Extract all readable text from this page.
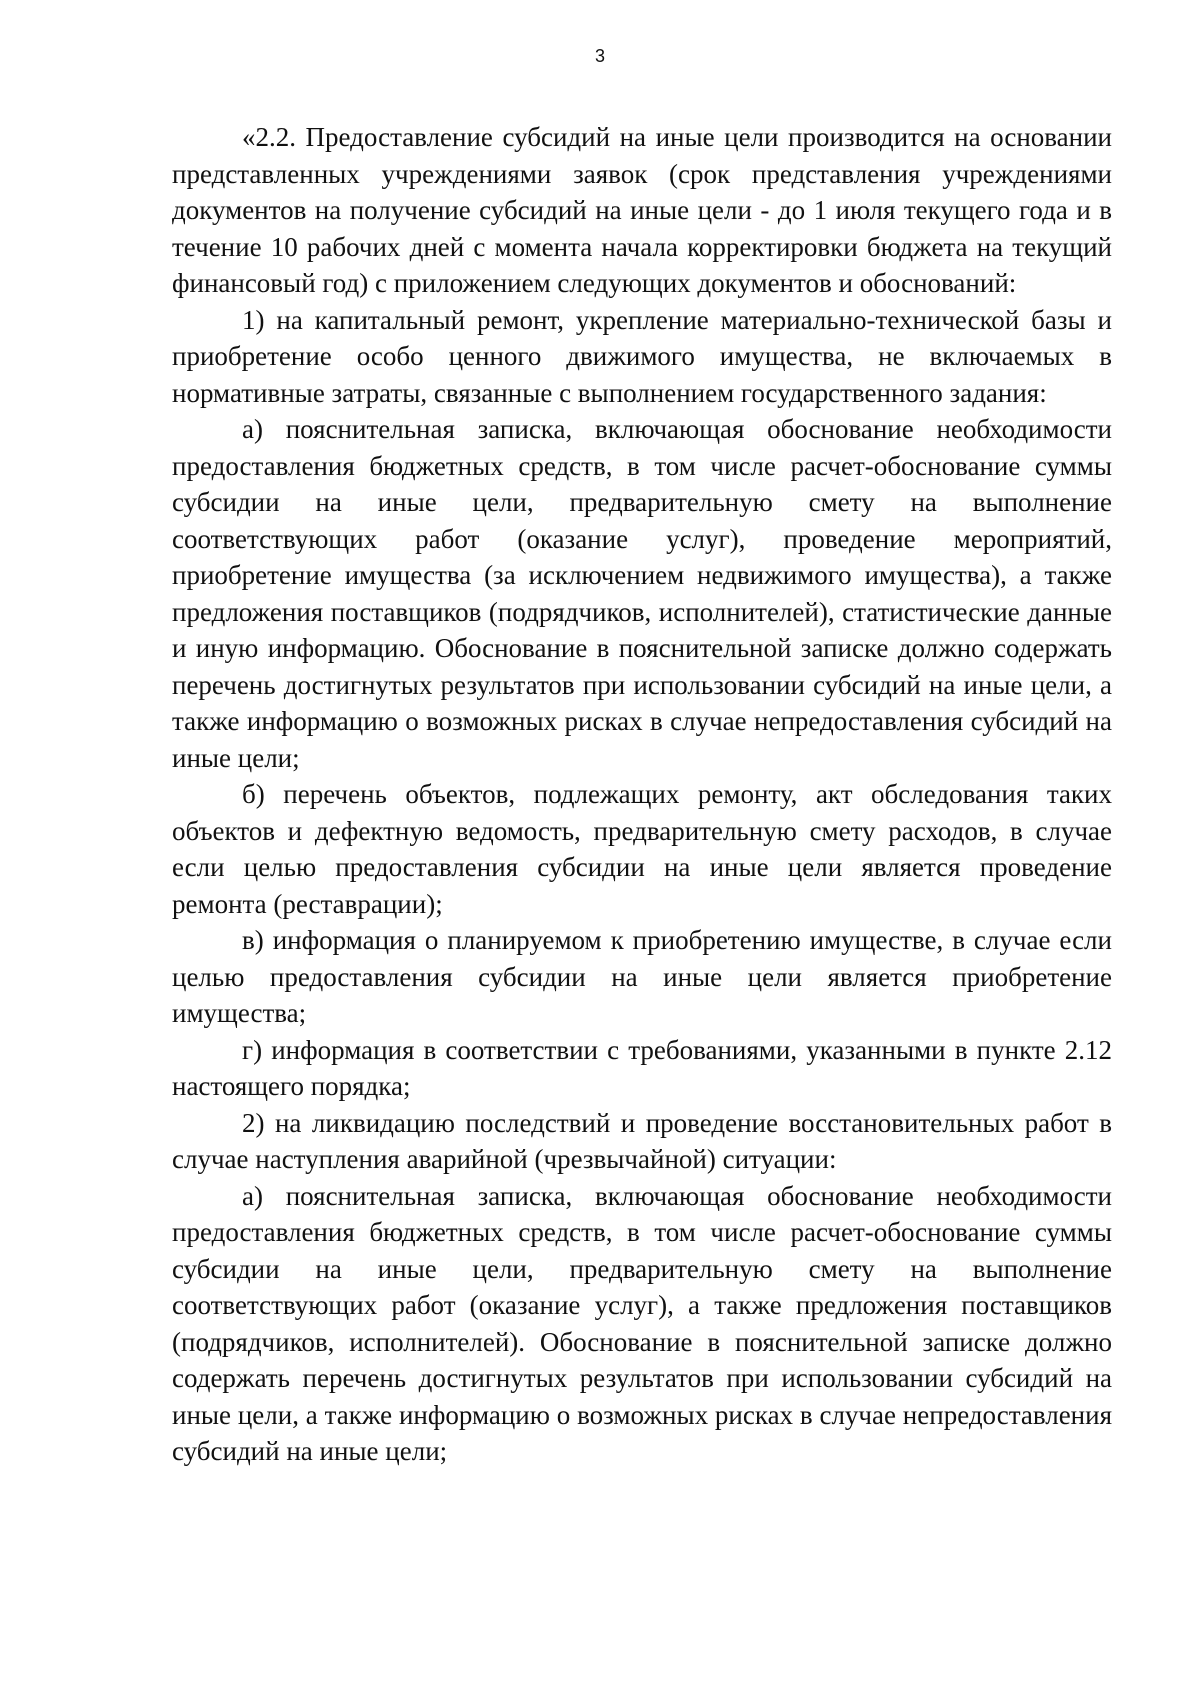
3

«2.2. Предоставление субсидий на иные цели производится на основании представленных учреждениями заявок (срок представления учреждениями документов на получение субсидий на иные цели - до 1 июля текущего года и в течение 10 рабочих дней с момента начала корректировки бюджета на текущий финансовый год) с приложением следующих документов и обоснований:

1) на капитальный ремонт, укрепление материально-технической базы и приобретение особо ценного движимого имущества, не включаемых в нормативные затраты, связанные с выполнением государственного задания:

а) пояснительная записка, включающая обоснование необходимости предоставления бюджетных средств, в том числе расчет-обоснование суммы субсидии на иные цели, предварительную смету на выполнение соответствующих работ (оказание услуг), проведение мероприятий, приобретение имущества (за исключением недвижимого имущества), а также предложения поставщиков (подрядчиков, исполнителей), статистические данные и иную информацию. Обоснование в пояснительной записке должно содержать перечень достигнутых результатов при использовании субсидий на иные цели, а также информацию о возможных рисках в случае непредоставления субсидий на иные цели;

б) перечень объектов, подлежащих ремонту, акт обследования таких объектов и дефектную ведомость, предварительную смету расходов, в случае если целью предоставления субсидии на иные цели является проведение ремонта (реставрации);

в) информация о планируемом к приобретению имуществе, в случае если целью предоставления субсидии на иные цели является приобретение имущества;

г) информация в соответствии с требованиями, указанными в пункте 2.12 настоящего порядка;

2) на ликвидацию последствий и проведение восстановительных работ в случае наступления аварийной (чрезвычайной) ситуации:

а) пояснительная записка, включающая обоснование необходимости предоставления бюджетных средств, в том числе расчет-обоснование суммы субсидии на иные цели, предварительную смету на выполнение соответствующих работ (оказание услуг), а также предложения поставщиков (подрядчиков, исполнителей). Обоснование в пояснительной записке должно содержать перечень достигнутых результатов при использовании субсидий на иные цели, а также информацию о возможных рисках в случае непредоставления субсидий на иные цели;
